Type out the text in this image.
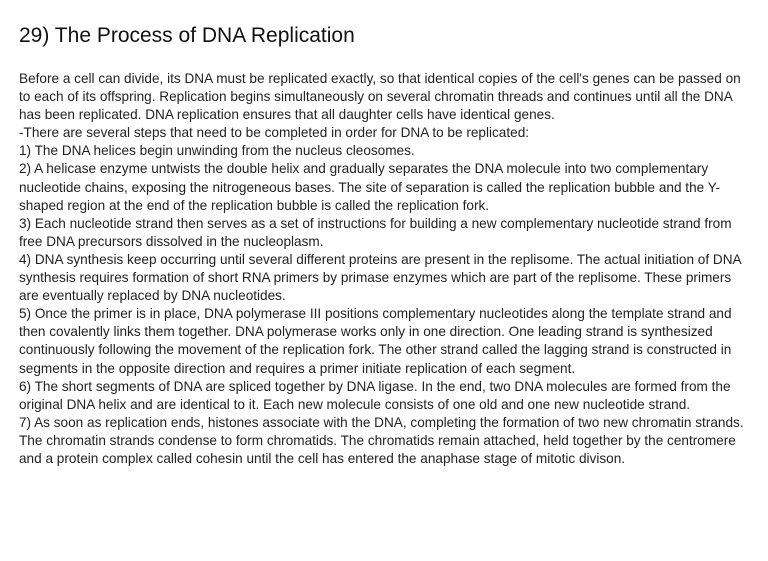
29) The Process of DNA Replication

Before a cell can divide, its DNA must be replicated exactly, so that identical copies of the cell's genes can be passed on to each of its offspring. Replication begins simultaneously on several chromatin threads and continues until all the DNA has been replicated. DNA replication ensures that all daughter cells have identical genes.

-There are several steps that need to be completed in order for DNA to be replicated:

1) The DNA helices begin unwinding from the nucleus cleosomes.

2) A helicase enzyme untwists the double helix and gradually separates the DNA molecule into two complementary nucleotide chains, exposing the nitrogeneous bases. The site of separation is called the replication bubble and the Y-shaped region at the end of the replication bubble is called the replication fork.

3) Each nucleotide strand then serves as a set of instructions for building a new complementary nucleotide strand from free DNA precursors dissolved in the nucleoplasm.

4) DNA synthesis keep occurring until several different proteins are present in the replisome. The actual initiation of DNA synthesis requires formation of short RNA primers by primase enzymes which are part of the replisome. These primers are eventually replaced by DNA nucleotides.

5) Once the primer is in place, DNA polymerase III positions complementary nucleotides along the template strand and then covalently links them together. DNA polymerase works only in one direction. One leading strand is synthesized continuously following the movement of the replication fork. The other strand called the lagging strand is constructed in segments in the opposite direction and requires a primer initiate replication of each segment.

6) The short segments of DNA are spliced together by DNA ligase. In the end, two DNA molecules are formed from the original DNA helix and are identical to it. Each new molecule consists of one old and one new nucleotide strand.

7) As soon as replication ends, histones associate with the DNA, completing the formation of two new chromatin strands. The chromatin strands condense to form chromatids. The chromatids remain attached, held together by the centromere and a protein complex called cohesin until the cell has entered the anaphase stage of mitotic divison.
